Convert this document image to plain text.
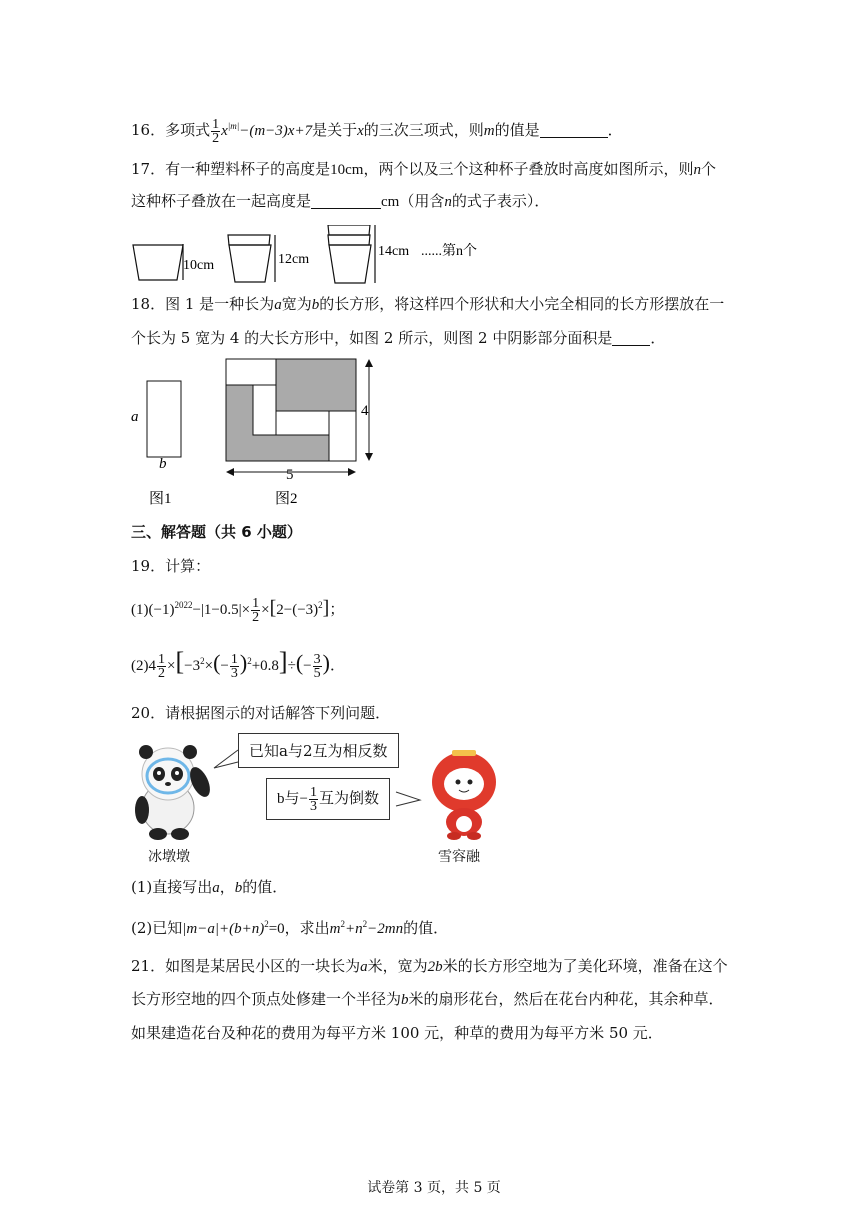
16．多项式 $\frac{1}{2} x^{|m|}-(m-3)x+7$是关于x的三次三项式，则m的值是	．
17．有一种塑料杯子的高度是10cm，两个以及三个这种杯子叠放时高度如图所示，则n个
这种杯子叠放在一起高度是	cm（用含n的式子表示）．
10cm	12cm
14cm ......第n个
18．图 1 是一种长为a宽为b的长方形，将这样四个形状和大小完全相同的长方形摆放在一
个长为 5 宽为 4 的大长方形中，如图 2 所示，则图 2 中阴影部分面积是	．
a
b
图1
4
5
图2
三、解答题（共 6 小题）
19．计算：
$(1)(-1)^{2022}-|1-0.5|\times \frac{1}{2} \times[2-(-3)^2]$；
$(2)4 \frac{1}{2} \times[-3^2\times(- \frac{1}{3} )^2+0.8]\div(- \frac{3}{5}$ )．
20．请根据图示的对话解答下列问题．
已知a与2互为相反数
b与− $\frac{1}{3}$ 互为倒数
冰墩墩	雪容融
(1)直接写出a，b的值．
(2)已知$|m-a|+(b+n)^2=0$，求出$m^2+n^2-2mn$的值．
21．如图是某居民小区的一块长为a米，宽为2b米的长方形空地为了美化环境，准备在这个
长方形空地的四个顶点处修建一个半径为b米的扇形花台，然后在花台内种花，其余种草．
如果建造花台及种花的费用为每平方米 100 元，种草的费用为每平方米 50 元．
试卷第 3 页，共 5 页
